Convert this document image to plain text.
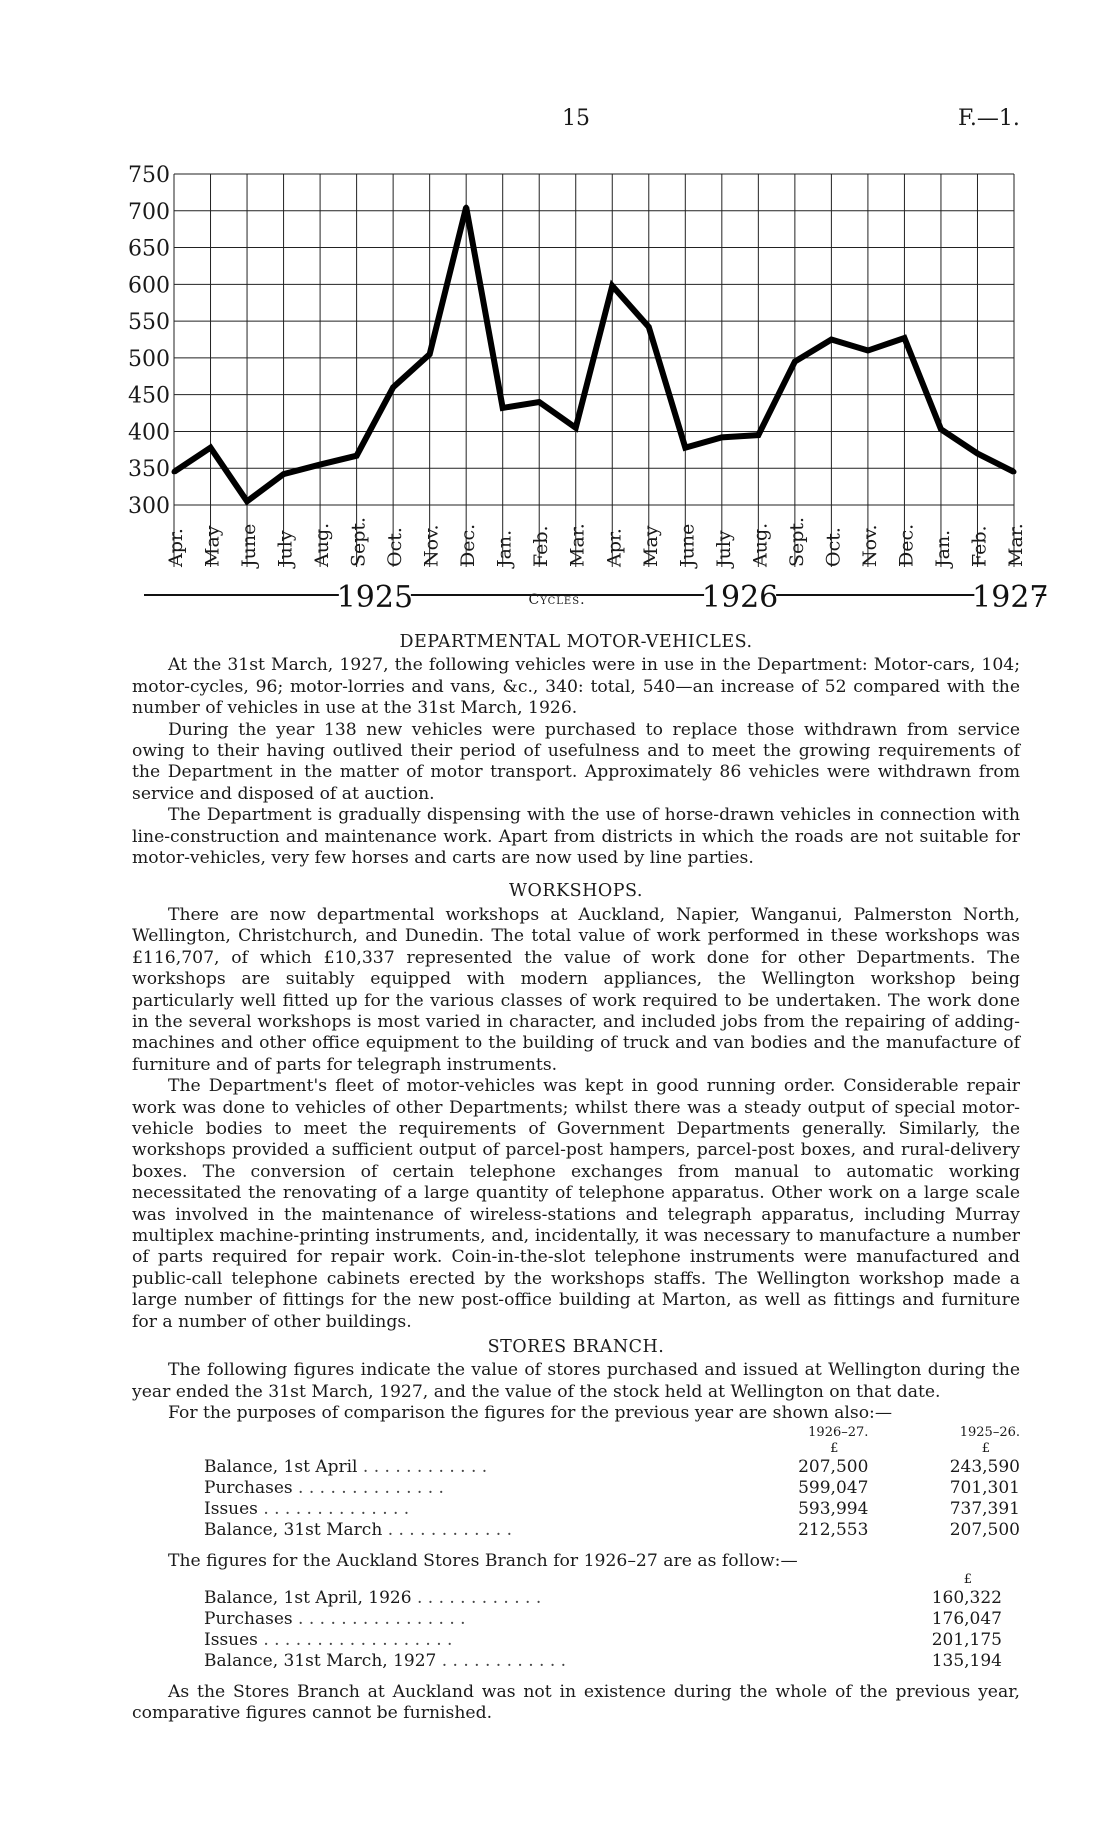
15	F.—1.
300
350
400
450
500
550
600
650
700
750
Apr. May June July Aug. Sept. Oct. Nov. Dec. Jan. Feb. Mar. Apr. May June July Aug. Sept. Oct. Nov. Dec. Jan. Feb. Mar.
1925	1926	1927
Cycles.
DEPARTMENTAL MOTOR-VEHICLES.

At the 31st March, 1927, the following vehicles were in use in the Department: Motor-cars, 104; motor-cycles, 96; motor-lorries and vans, &c., 340: total, 540—an increase of 52 compared with the number of vehicles in use at the 31st March, 1926.

During the year 138 new vehicles were purchased to replace those withdrawn from service owing to their having outlived their period of usefulness and to meet the growing requirements of the Department in the matter of motor transport. Approximately 86 vehicles were withdrawn from service and disposed of at auction.

The Department is gradually dispensing with the use of horse-drawn vehicles in connection with line-construction and maintenance work. Apart from districts in which the roads are not suitable for motor-vehicles, very few horses and carts are now used by line parties.

WORKSHOPS.

There are now departmental workshops at Auckland, Napier, Wanganui, Palmerston North, Wellington, Christchurch, and Dunedin. The total value of work performed in these workshops was £116,707, of which £10,337 represented the value of work done for other Departments. The workshops are suitably equipped with modern appliances, the Wellington workshop being particularly well fitted up for the various classes of work required to be undertaken. The work done in the several workshops is most varied in character, and included jobs from the repairing of adding-machines and other office equipment to the building of truck and van bodies and the manufacture of furniture and of parts for telegraph instruments.

The Department's fleet of motor-vehicles was kept in good running order. Considerable repair work was done to vehicles of other Departments; whilst there was a steady output of special motor-vehicle bodies to meet the requirements of Government Departments generally. Similarly, the workshops provided a sufficient output of parcel-post hampers, parcel-post boxes, and rural-delivery boxes. The conversion of certain telephone exchanges from manual to automatic working necessitated the renovating of a large quantity of telephone apparatus. Other work on a large scale was involved in the maintenance of wireless-stations and telegraph apparatus, including Murray multiplex machine-printing instruments, and, incidentally, it was necessary to manufacture a number of parts required for repair work. Coin-in-the-slot telephone instruments were manufactured and public-call telephone cabinets erected by the workshops staffs. The Wellington workshop made a large number of fittings for the new post-office building at Marton, as well as fittings and furniture for a number of other buildings.

STORES BRANCH.

The following figures indicate the value of stores purchased and issued at Wellington during the year ended the 31st March, 1927, and the value of the stock held at Wellington on that date.

For the purposes of comparison the figures for the previous year are shown also:—

	1926–27.	1925–26.
	£	£
Balance, 1st April . . . . . . . . . . . .	207,500	243,590
Purchases . . . . . . . . . . . . . .	599,047	701,301
Issues . . . . . . . . . . . . . .	593,994	737,391
Balance, 31st March . . . . . . . . . . . .	212,553	207,500

The figures for the Auckland Stores Branch for 1926–27 are as follow:—

	£
Balance, 1st April, 1926 . . . . . . . . . . . .	160,322
Purchases . . . . . . . . . . . . . . . .	176,047
Issues . . . . . . . . . . . . . . . . . .	201,175
Balance, 31st March, 1927 . . . . . . . . . . . .	135,194

As the Stores Branch at Auckland was not in existence during the whole of the previous year, comparative figures cannot be furnished.
